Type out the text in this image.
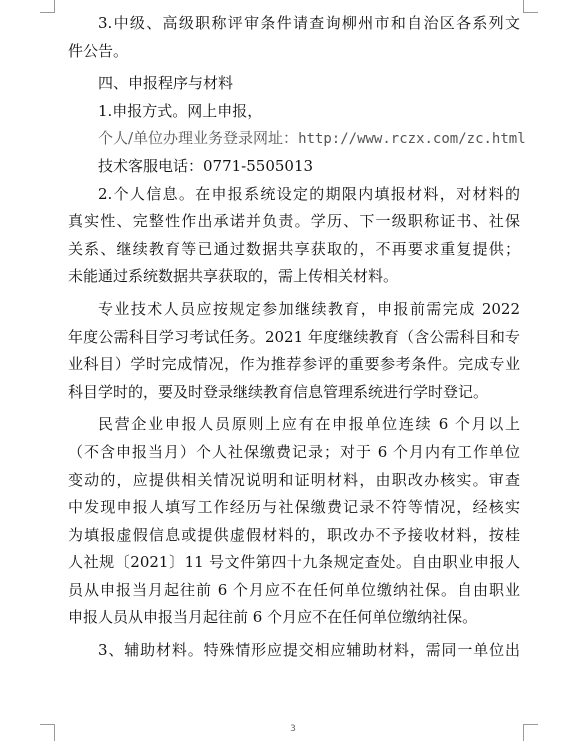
3.中级、高级职称评审条件请查询柳州市和自治区各系列文
件公告。
四、申报程序与材料
1.申报方式。网上申报，
个人/单位办理业务登录网址：http://www.rczx.com/zc.html
技术客服电话：0771-5505013
2.个人信息。在申报系统设定的期限内填报材料，对材料的
真实性、完整性作出承诺并负责。学历、下一级职称证书、社保
关系、继续教育等已通过数据共享获取的，不再要求重复提供；
未能通过系统数据共享获取的，需上传相关材料。
专业技术人员应按规定参加继续教育，申报前需完成 2022
年度公需科目学习考试任务。2021 年度继续教育（含公需科目和专
业科目）学时完成情况，作为推荐参评的重要参考条件。完成专业
科目学时的，要及时登录继续教育信息管理系统进行学时登记。
民营企业申报人员原则上应有在申报单位连续 6 个月以上
（不含申报当月）个人社保缴费记录；对于 6 个月内有工作单位
变动的，应提供相关情况说明和证明材料，由职改办核实。审查
中发现申报人填写工作经历与社保缴费记录不符等情况，经核实
为填报虚假信息或提供虚假材料的，职改办不予接收材料，按桂
人社规〔2021〕11 号文件第四十九条规定查处。自由职业申报人
员从申报当月起往前 6 个月应不在任何单位缴纳社保。自由职业
申报人员从申报当月起往前 6 个月应不在任何单位缴纳社保。
3、辅助材料。特殊情形应提交相应辅助材料，需同一单位出
3
